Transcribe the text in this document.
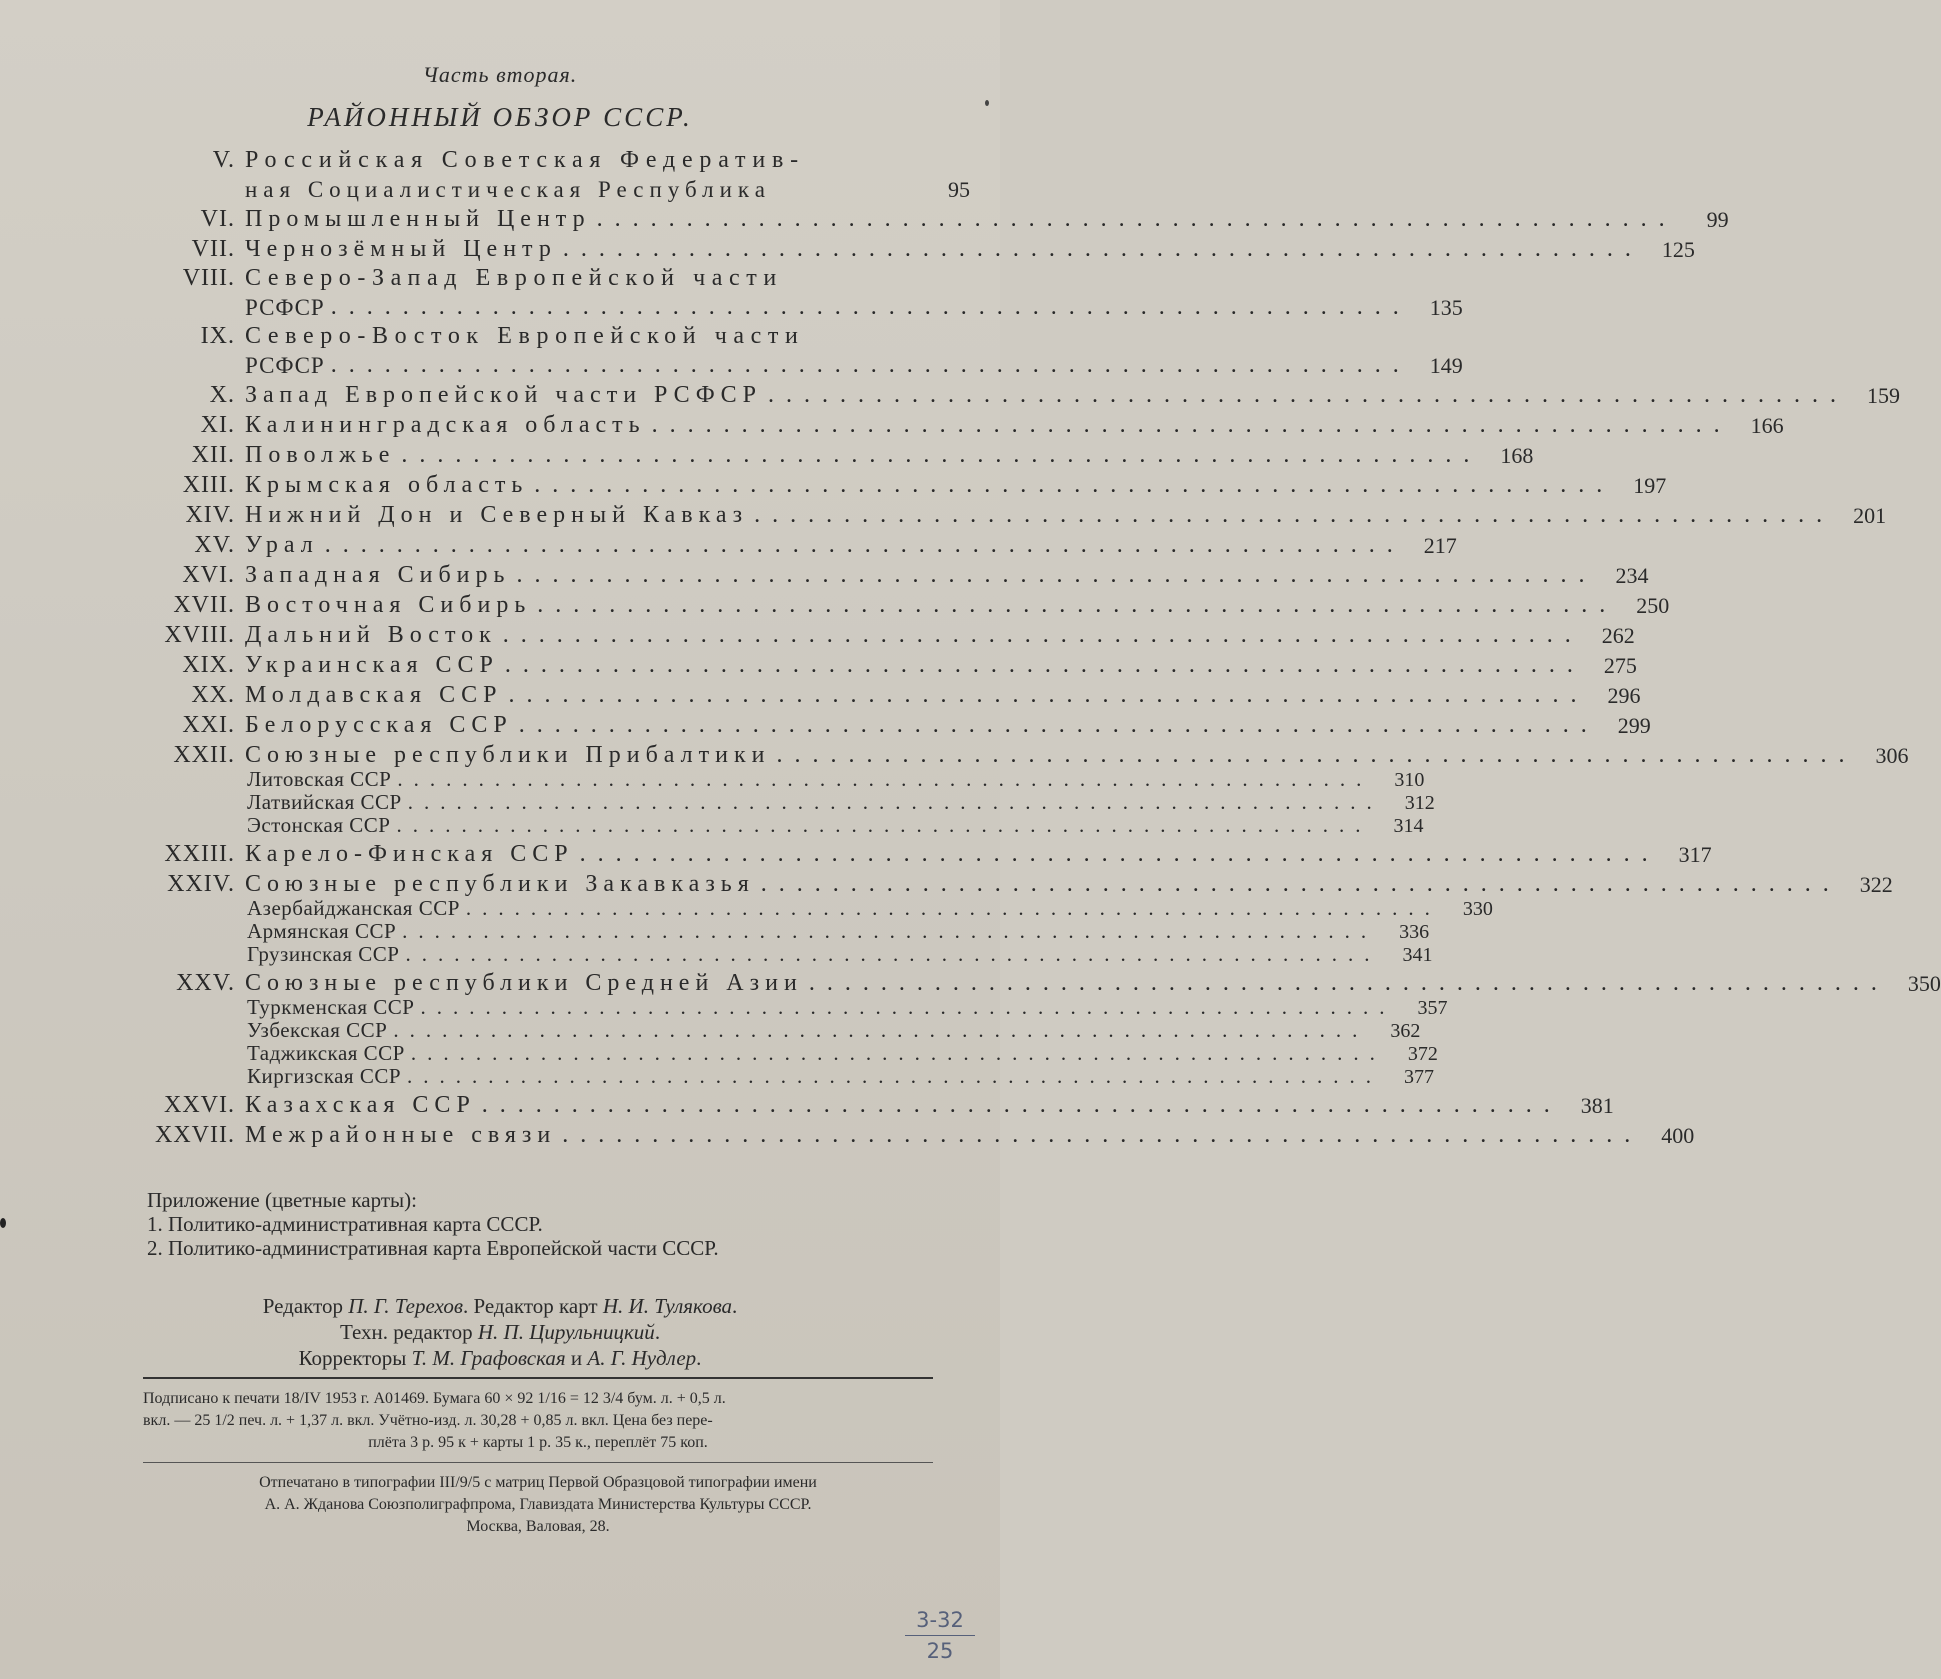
Часть вторая.
РАЙОННЫЙ ОБЗОР СССР.
V. Российская Советская Федератив-
ная Социалистическая Республика	95
VI. Промышленный Центр ............................................................	99
VII. Чернозёмный Центр ............................................................ 125
VIII. Северо-Запад Европейской части
РСФСР ............................................................ 135
IX. Северо-Восток Европейской части
РСФСР ............................................................ 149
X. Запад Европейской части РСФСР ............................................................ 159
XI. Калининградская область ............................................................ 166
XII. Поволжье ............................................................ 168
XIII. Крымская область ............................................................ 197
XIV. Нижний Дон и Северный Кавказ ............................................................ 201
XV. Урал ............................................................ 217
XVI. Западная Сибирь ............................................................ 234
XVII. Восточная Сибирь ............................................................ 250
XVIII. Дальний Восток ............................................................ 262
XIX. Украинская ССР ............................................................ 275
XX. Молдавская ССР ............................................................ 296
XXI. Белорусская ССР ............................................................ 299
XXII. Союзные республики Прибалтики ............................................................ 306
Литовская ССР ............................................................	310
Латвийская ССР ............................................................	312
Эстонская ССР ............................................................	314
XXIII. Карело-Финская ССР ............................................................ 317
XXIV. Союзные республики Закавказья ............................................................ 322
Азербайджанская ССР ............................................................	330
Армянская ССР ............................................................	336
Грузинская ССР ............................................................	341
XXV. Союзные республики Средней Азии ............................................................ 350
Туркменская ССР ............................................................	357
Узбекская ССР ............................................................	362
Таджикская ССР ............................................................	372
Киргизская ССР ............................................................	377
XXVI. Казахская ССР ............................................................ 381
XXVII. Межрайонные связи ............................................................ 400
Приложение (цветные карты):
1. Политико-административная карта СССР.
2. Политико-административная карта Европейской части СССР.
Редактор П. Г. Терехов. Редактор карт Н. И. Тулякова.
Техн. редактор Н. П. Цирульницкий.
Корректоры Т. М. Графовская и А. Г. Нудлер.
Подписано к печати 18/IV 1953 г. А01469. Бумага 60 × 92 1/16 = 12 3/4 бум. л. + 0,5 л.
вкл. — 25 1/2 печ. л. + 1,37 л. вкл. Учётно-изд. л. 30,28 + 0,85 л. вкл. Цена без пере-
плёта 3 р. 95 к + карты 1 р. 35 к., переплёт 75 коп.
Отпечатано в типографии III/9/5 с матриц Первой Образцовой типографии имени
А. А. Жданова Союзполиграфпрома, Главиздата Министерства Культуры СССР.
Москва, Валовая, 28.
3-32
25
